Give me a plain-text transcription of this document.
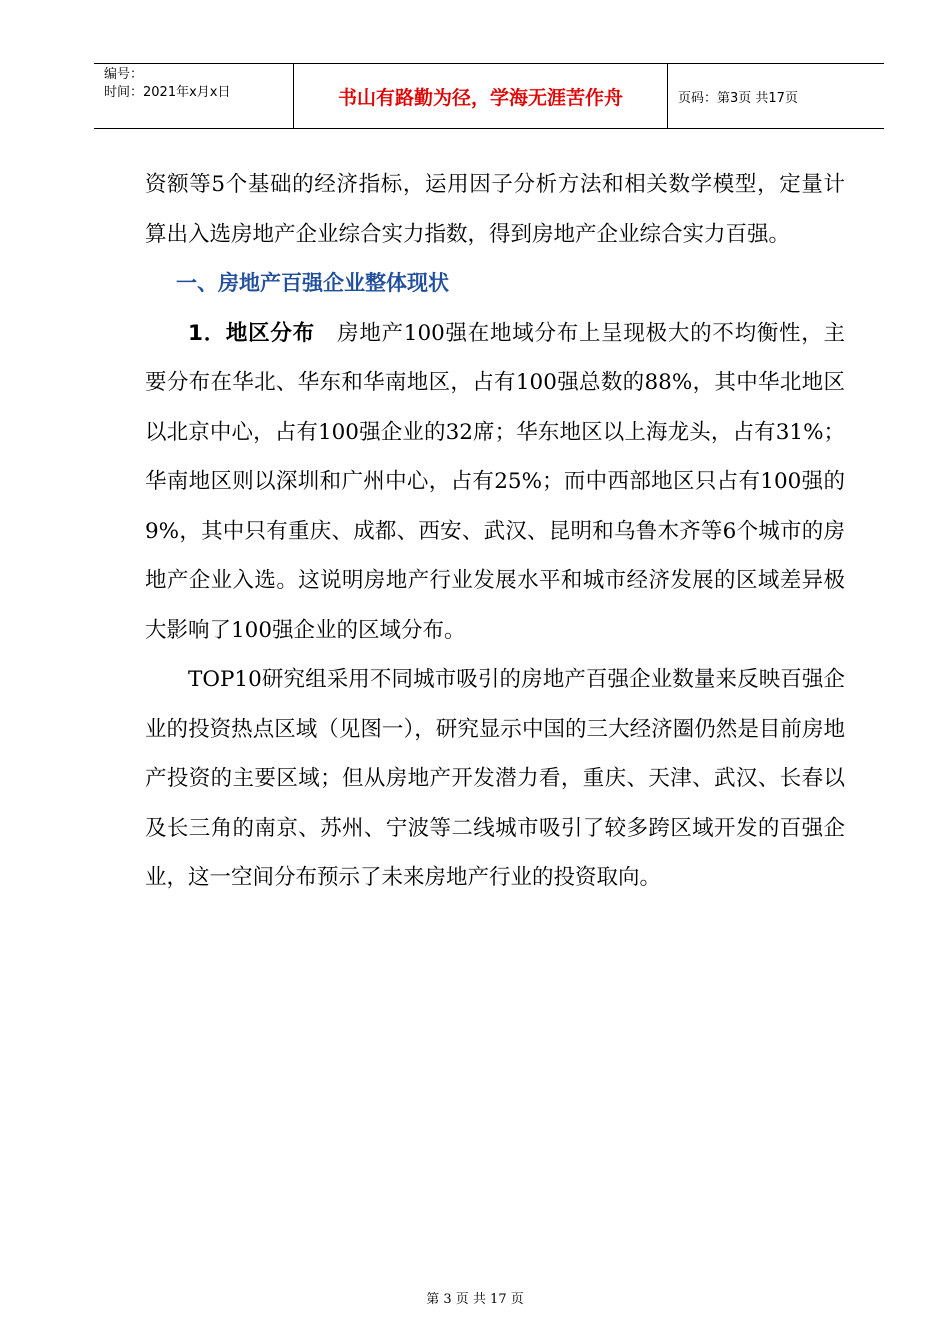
编号：
时间：2021年x月x日	书山有路勤为径，学海无涯苦作舟	页码：第3页 共17页

资额等5个基础的经济指标，运用因子分析方法和相关数学模型，定量计算出入选房地产企业综合实力指数，得到房地产企业综合实力百强。

一、房地产百强企业整体现状

1．地区分布 房地产100强在地域分布上呈现极大的不均衡性，主要分布在华北、华东和华南地区，占有100强总数的88%，其中华北地区以北京中心，占有100强企业的32席；华东地区以上海龙头，占有31%；华南地区则以深圳和广州中心，占有25%；而中西部地区只占有100强的9%，其中只有重庆、成都、西安、武汉、昆明和乌鲁木齐等6个城市的房地产企业入选。这说明房地产行业发展水平和城市经济发展的区域差异极大影响了100强企业的区域分布。

TOP10研究组采用不同城市吸引的房地产百强企业数量来反映百强企业的投资热点区域（见图一），研究显示中国的三大经济圈仍然是目前房地产投资的主要区域；但从房地产开发潜力看，重庆、天津、武汉、长春以及长三角的南京、苏州、宁波等二线城市吸引了较多跨区域开发的百强企业，这一空间分布预示了未来房地产行业的投资取向。

第 3 页 共 17 页
